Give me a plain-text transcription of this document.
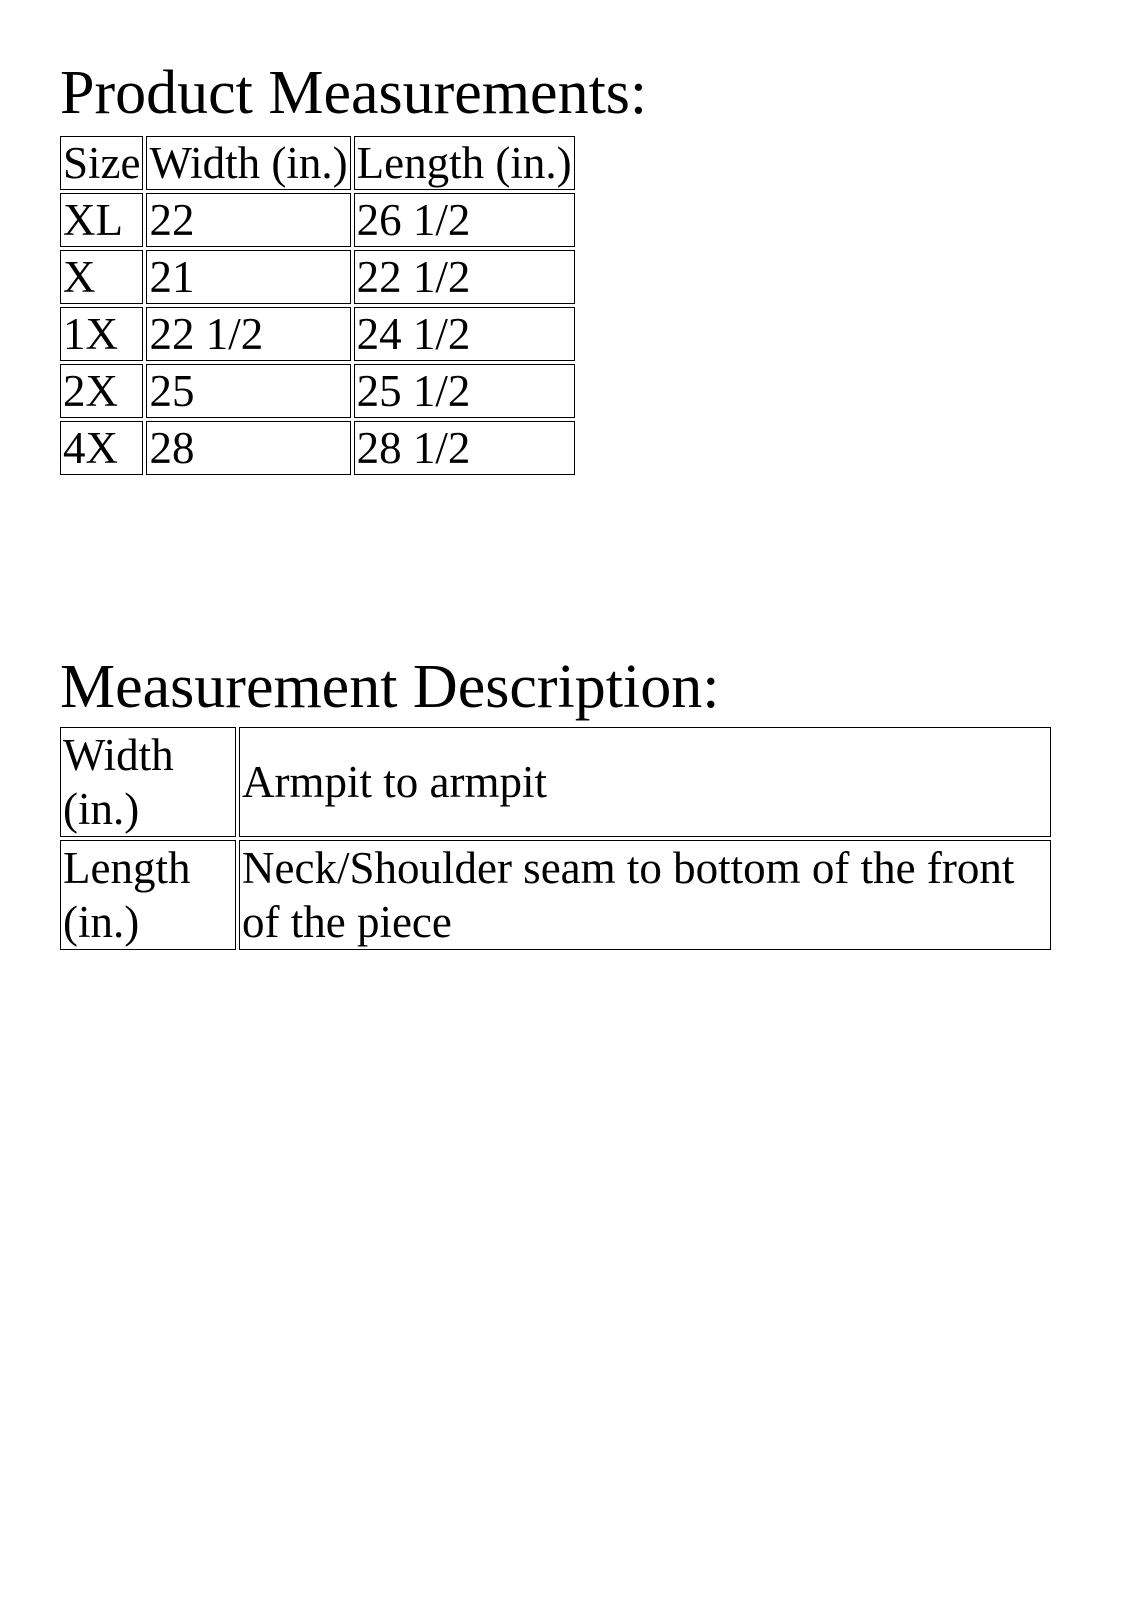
Product Measurements:
Size	Width (in.)	Length (in.)
XL	22	26 1/2
X	21	22 1/2
1X	22 1/2	24 1/2
2X	25	25 1/2
4X	28	28 1/2
Measurement Description:
Width (in.)	Armpit to armpit
Length (in.)	Neck/Shoulder seam to bottom of the front of the piece
